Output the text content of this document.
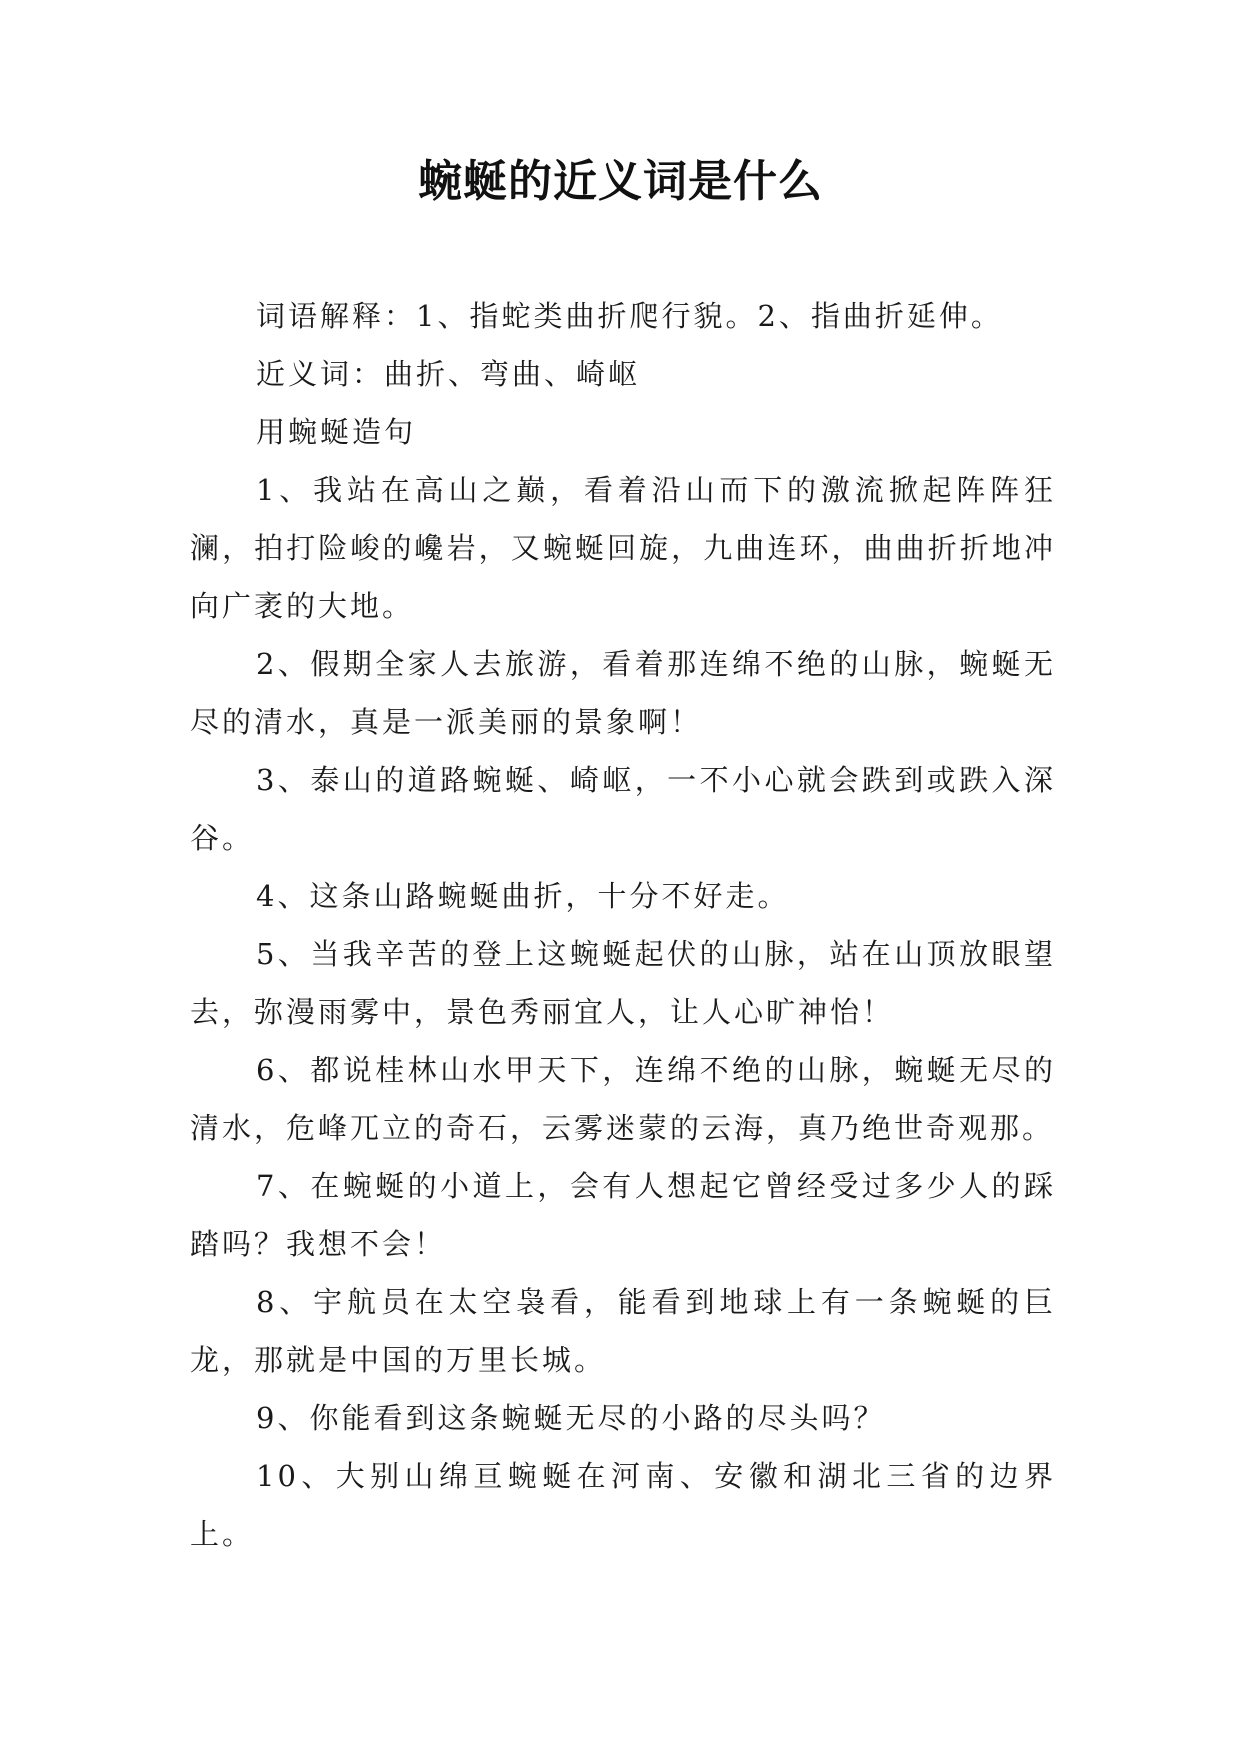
蜿蜒的近义词是什么

词语解释：1、指蛇类曲折爬行貌。2、指曲折延伸。

近义词：曲折、弯曲、崎岖

用蜿蜒造句

1、我站在高山之巅，看着沿山而下的激流掀起阵阵狂澜，拍打险峻的巉岩，又蜿蜒回旋，九曲连环，曲曲折折地冲向广袤的大地。

2、假期全家人去旅游，看着那连绵不绝的山脉，蜿蜒无尽的清水，真是一派美丽的景象啊！

3、泰山的道路蜿蜒、崎岖，一不小心就会跌到或跌入深谷。

4、这条山路蜿蜒曲折，十分不好走。

5、当我辛苦的登上这蜿蜒起伏的山脉，站在山顶放眼望去，弥漫雨雾中，景色秀丽宜人，让人心旷神怡！

6、都说桂林山水甲天下，连绵不绝的山脉，蜿蜒无尽的清水，危峰兀立的奇石，云雾迷蒙的云海，真乃绝世奇观那。

7、在蜿蜒的小道上，会有人想起它曾经受过多少人的踩踏吗？我想不会！

8、宇航员在太空袅看，能看到地球上有一条蜿蜒的巨龙，那就是中国的万里长城。

9、你能看到这条蜿蜒无尽的小路的尽头吗？

10、大别山绵亘蜿蜒在河南、安徽和湖北三省的边界上。
